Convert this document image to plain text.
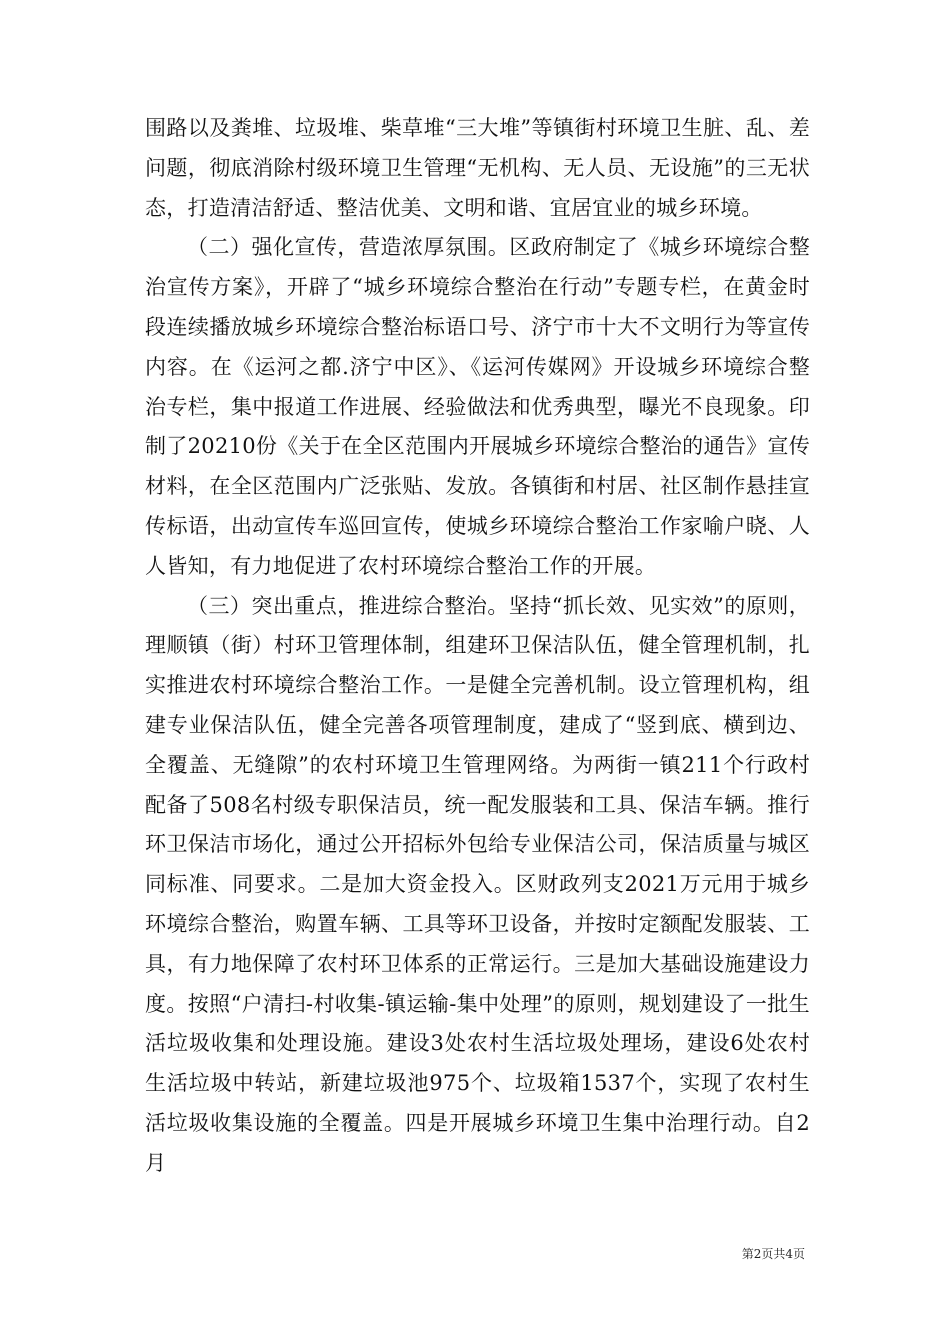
围路以及粪堆、垃圾堆、柴草堆“三大堆”等镇街村环境卫生脏、乱、差问题，彻底消除村级环境卫生管理“无机构、无人员、无设施”的三无状态，打造清洁舒适、整洁优美、文明和谐、宜居宜业的城乡环境。

（二）强化宣传，营造浓厚氛围。区政府制定了《城乡环境综合整治宣传方案》，开辟了“城乡环境综合整治在行动”专题专栏，在黄金时段连续播放城乡环境综合整治标语口号、济宁市十大不文明行为等宣传内容。在《运河之都.济宁中区》、《运河传媒网》开设城乡环境综合整治专栏，集中报道工作进展、经验做法和优秀典型，曝光不良现象。印制了20210份《关于在全区范围内开展城乡环境综合整治的通告》宣传材料，在全区范围内广泛张贴、发放。各镇街和村居、社区制作悬挂宣传标语，出动宣传车巡回宣传，使城乡环境综合整治工作家喻户晓、人人皆知，有力地促进了农村环境综合整治工作的开展。

（三）突出重点，推进综合整治。坚持“抓长效、见实效”的原则，理顺镇（街）村环卫管理体制，组建环卫保洁队伍，健全管理机制，扎实推进农村环境综合整治工作。一是健全完善机制。设立管理机构，组建专业保洁队伍，健全完善各项管理制度，建成了“竖到底、横到边、全覆盖、无缝隙”的农村环境卫生管理网络。为两街一镇211个行政村配备了508名村级专职保洁员，统一配发服装和工具、保洁车辆。推行环卫保洁市场化，通过公开招标外包给专业保洁公司，保洁质量与城区同标准、同要求。二是加大资金投入。区财政列支2021万元用于城乡环境综合整治，购置车辆、工具等环卫设备，并按时定额配发服装、工具，有力地保障了农村环卫体系的正常运行。三是加大基础设施建设力度。按照“户清扫-村收集-镇运输-集中处理”的原则，规划建设了一批生活垃圾收集和处理设施。建设3处农村生活垃圾处理场，建设6处农村生活垃圾中转站，新建垃圾池975个、垃圾箱1537个，实现了农村生活垃圾收集设施的全覆盖。四是开展城乡环境卫生集中治理行动。自2月

第2页共4页
